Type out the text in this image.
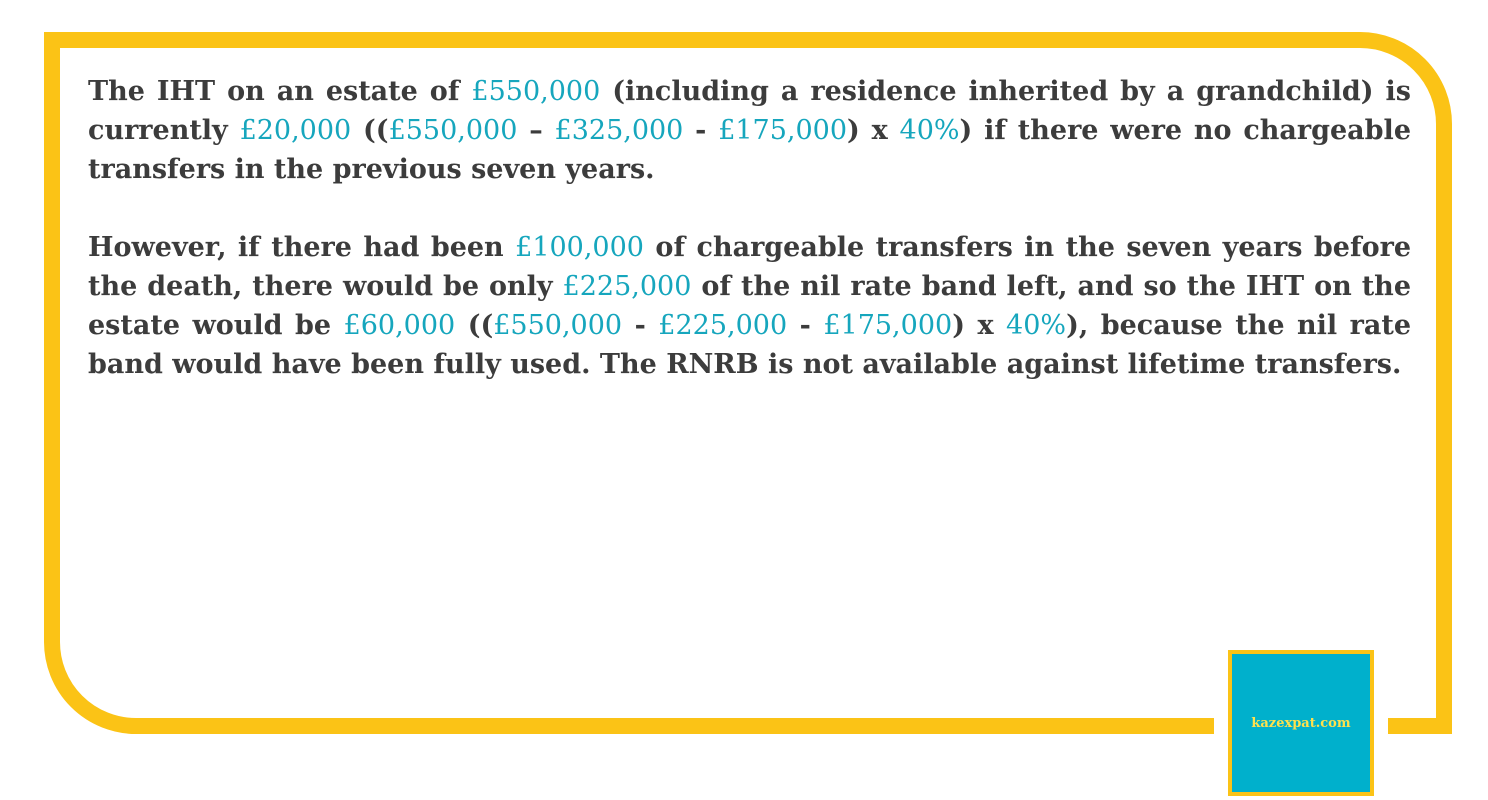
The IHT on an estate of £550,000 (including a residence inherited by a grandchild) is currently £20,000 ((£550,000 – £325,000 - £175,000) x 40%) if there were no chargeable transfers in the previous seven years.

However, if there had been £100,000 of chargeable transfers in the seven years before the death, there would be only £225,000 of the nil rate band left, and so the IHT on the estate would be £60,000 ((£550,000 - £225,000 - £175,000) x 40%), because the nil rate band would have been fully used. The RNRB is not available against lifetime transfers.

kazexpat.com
